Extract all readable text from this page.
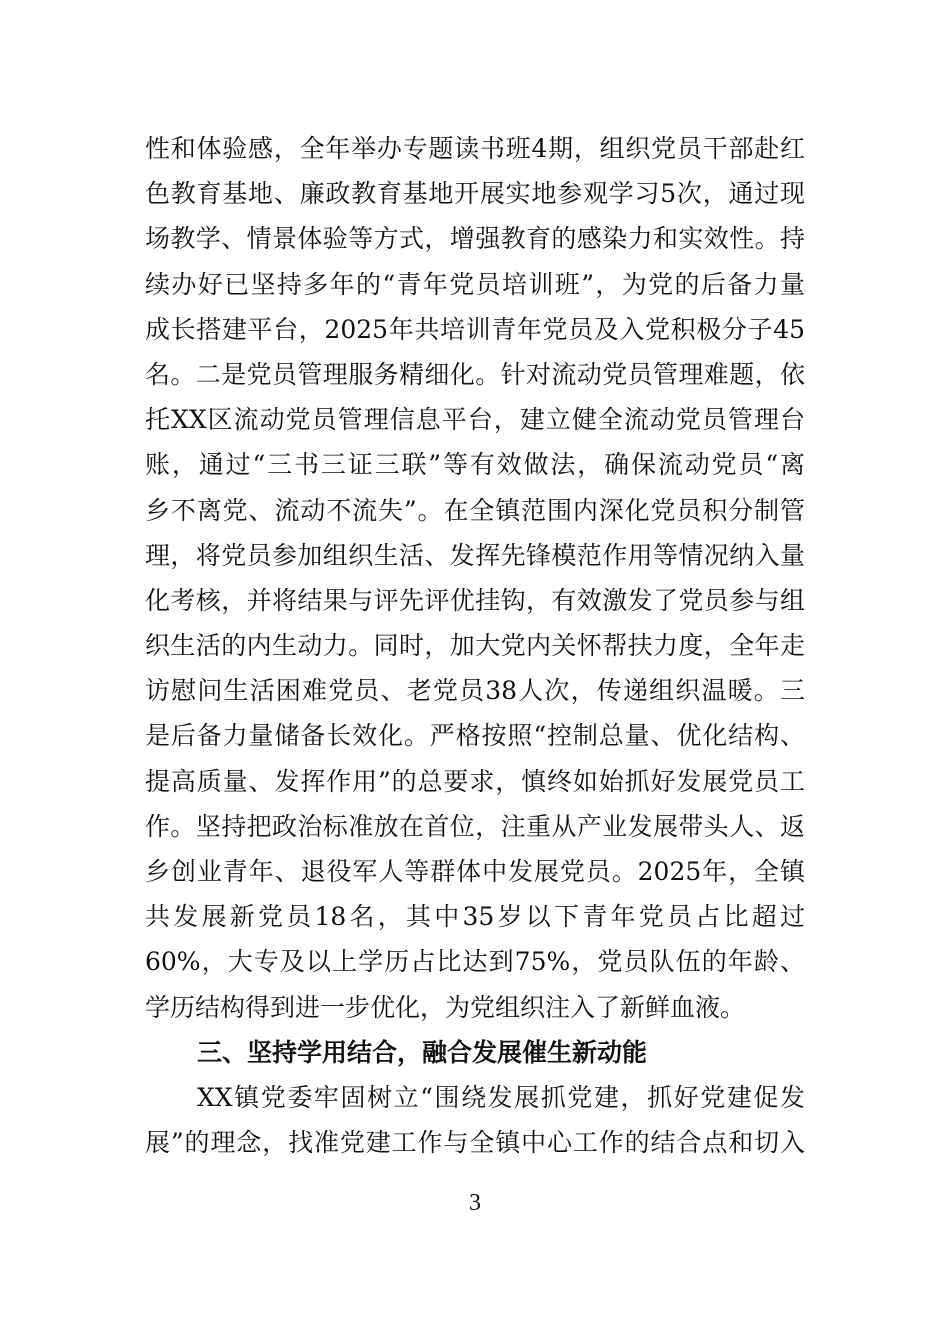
性和体验感，全年举办专题读书班4期，组织党员干部赴红
色教育基地、廉政教育基地开展实地参观学习5次，通过现
场教学、情景体验等方式，增强教育的感染力和实效性。持
续办好已坚持多年的“青年党员培训班”，为党的后备力量
成长搭建平台，2025年共培训青年党员及入党积极分子45
名。二是党员管理服务精细化。针对流动党员管理难题，依
托XX区流动党员管理信息平台，建立健全流动党员管理台
账，通过“三书三证三联”等有效做法，确保流动党员“离
乡不离党、流动不流失”。在全镇范围内深化党员积分制管
理，将党员参加组织生活、发挥先锋模范作用等情况纳入量
化考核，并将结果与评先评优挂钩，有效激发了党员参与组
织生活的内生动力。同时，加大党内关怀帮扶力度，全年走
访慰问生活困难党员、老党员38人次，传递组织温暖。三
是后备力量储备长效化。严格按照“控制总量、优化结构、
提高质量、发挥作用”的总要求，慎终如始抓好发展党员工
作。坚持把政治标准放在首位，注重从产业发展带头人、返
乡创业青年、退役军人等群体中发展党员。2025年，全镇
共发展新党员18名，其中35岁以下青年党员占比超过
60%，大专及以上学历占比达到75%，党员队伍的年龄、
学历结构得到进一步优化，为党组织注入了新鲜血液。
三、坚持学用结合，融合发展催生新动能
XX镇党委牢固树立“围绕发展抓党建，抓好党建促发
展”的理念，找准党建工作与全镇中心工作的结合点和切入
3
